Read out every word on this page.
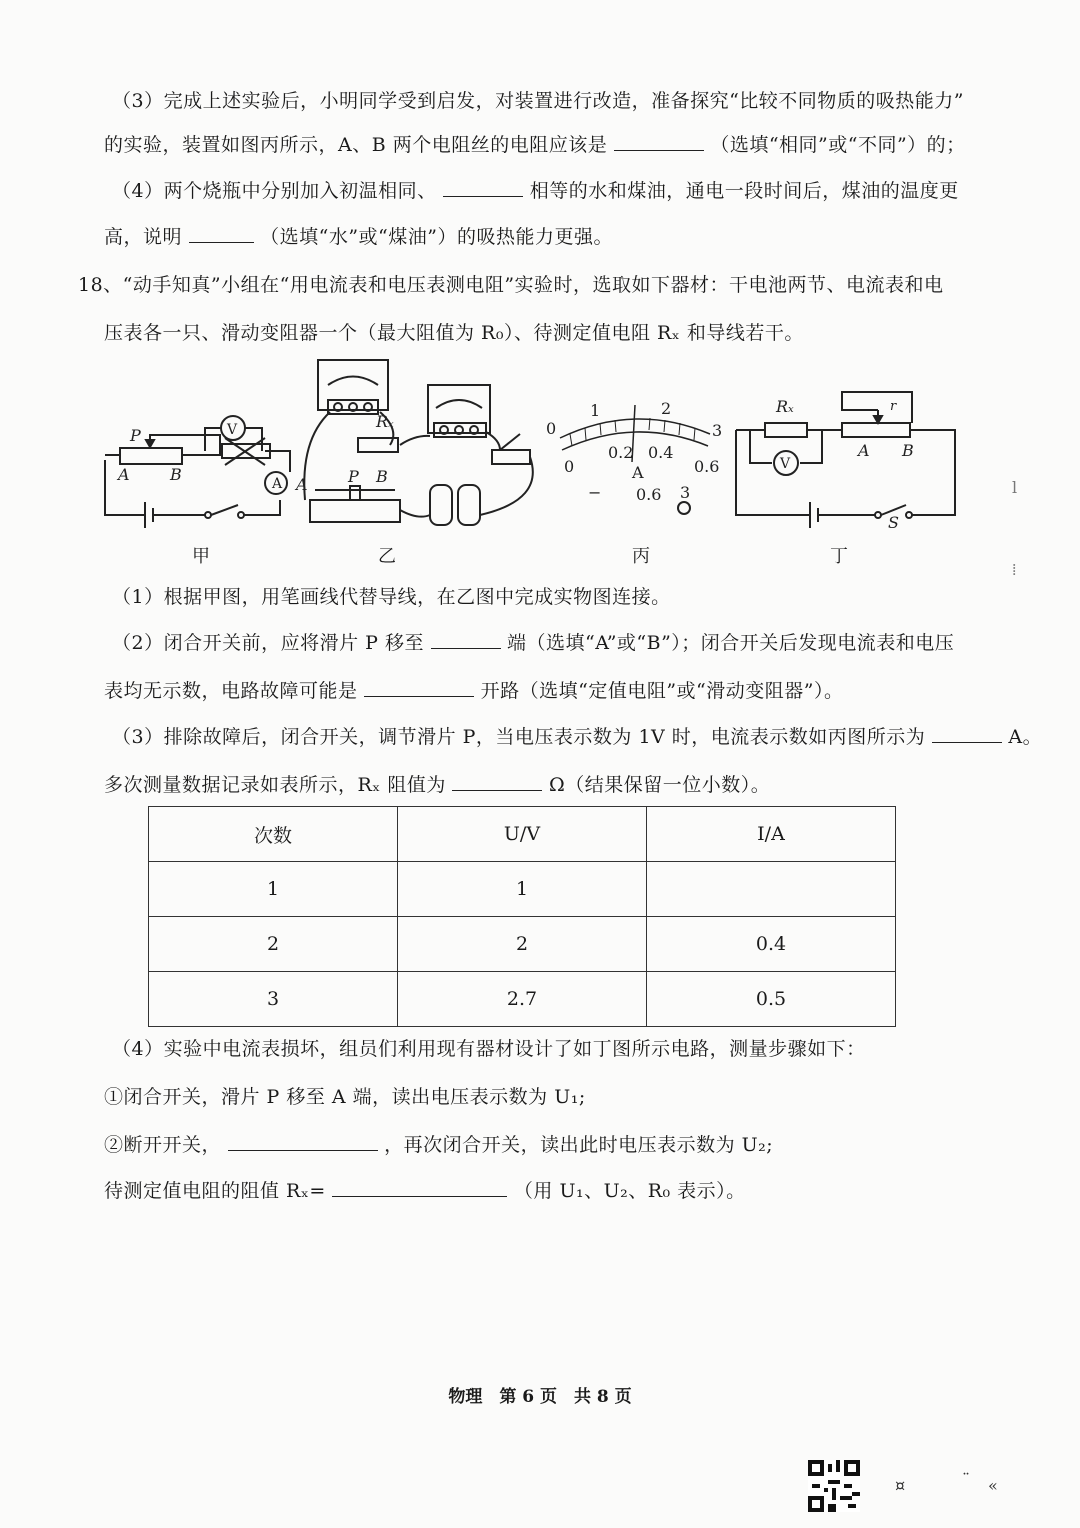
（3）完成上述实验后，小明同学受到启发，对装置进行改造，准备探究“比较不同物质的吸热能力”
的实验，装置如图丙所示，A、B 两个电阻丝的电阻应该是	（选填“相同”或“不同”）的；
（4）两个烧瓶中分别加入初温相同、	相等的水和煤油，通电一段时间后，煤油的温度更
高，说明	（选填“水”或“煤油”）的吸热能力更强。
18、“动手知真”小组在“用电流表和电压表测电阻”实验时，选取如下器材：干电池两节、电流表和电
压表各一只、滑动变阻器一个（最大阻值为 R₀）、待测定值电阻 Rₓ 和导线若干。
P
A	B
V
A
Rₓ
A	P B
0
1	2
3
0
0.2 0.4
0.6
A
− 0.6 3
Rₓ	r
A B
V
S
甲	乙	丙	丁
（1）根据甲图，用笔画线代替导线，在乙图中完成实物图连接。
（2）闭合开关前，应将滑片 P 移至	端（选填“A”或“B”）；闭合开关后发现电流表和电压
表均无示数，电路故障可能是	开路（选填“定值电阻”或“滑动变阻器”）。
（3）排除故障后，闭合开关，调节滑片 P，当电压表示数为 1V 时，电流表示数如丙图所示为	A。
多次测量数据记录如表所示，Rₓ 阻值为	Ω（结果保留一位小数）。
次数	U/V	I/A
1	1	
2	2	0.4
3	2.7	0.5
（4）实验中电流表损坏，组员们利用现有器材设计了如丁图所示电路，测量步骤如下：
①闭合开关，滑片 P 移至 A 端，读出电压表示数为 U₁;
②断开开关，	，再次闭合开关，读出此时电压表示数为 U₂;
待测定值电阻的阻值 Rₓ=	（用 U₁、U₂、R₀ 表示）。
物理　第 6 页　共 8 页
¤	¨ «
l
⁞
